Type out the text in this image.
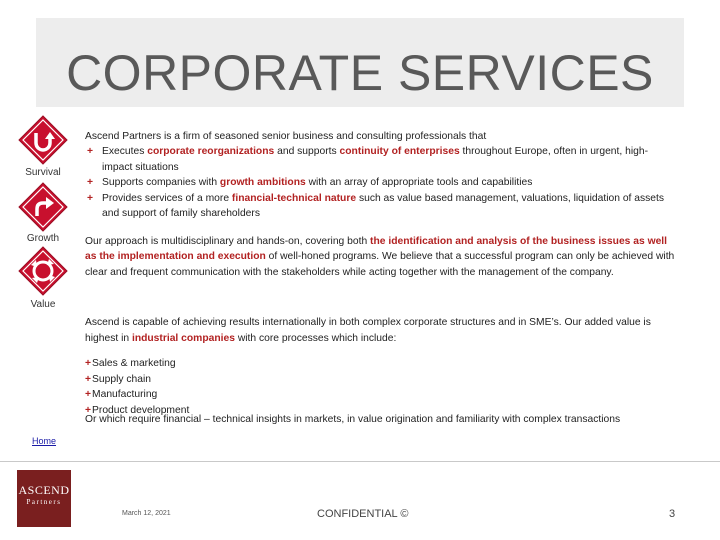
CORPORATE SERVICES
Survival
Growth
Value

Ascend Partners is a firm of seasoned senior business and consulting professionals that

+ Executes corporate reorganizations and supports continuity of enterprises throughout Europe, often in urgent, high-impact situations
+ Supports companies with growth ambitions with an array of appropriate tools and capabilities
+ Provides services of a more financial-technical nature such as value based management, valuations, liquidation of assets and support of family shareholders
Our approach is multidisciplinary and hands-on, covering both the identification and analysis of the business issues as well as the implementation and execution of well-honed programs. We believe that a successful program can only be achieved with clear and frequent communication with the stakeholders while acting together with the management of the company.

Ascend is capable of achieving results internationally in both complex corporate structures and in SME’s. Our added value is highest in industrial companies with core processes which include:

+Sales & marketing
+Supply chain
+Manufacturing
+Product development
Or which require financial – technical insights in markets, in value origination and familiarity with complex transactions
Home
ASCEND
Partners
March 12, 2021	CONFIDENTIAL ©	3
